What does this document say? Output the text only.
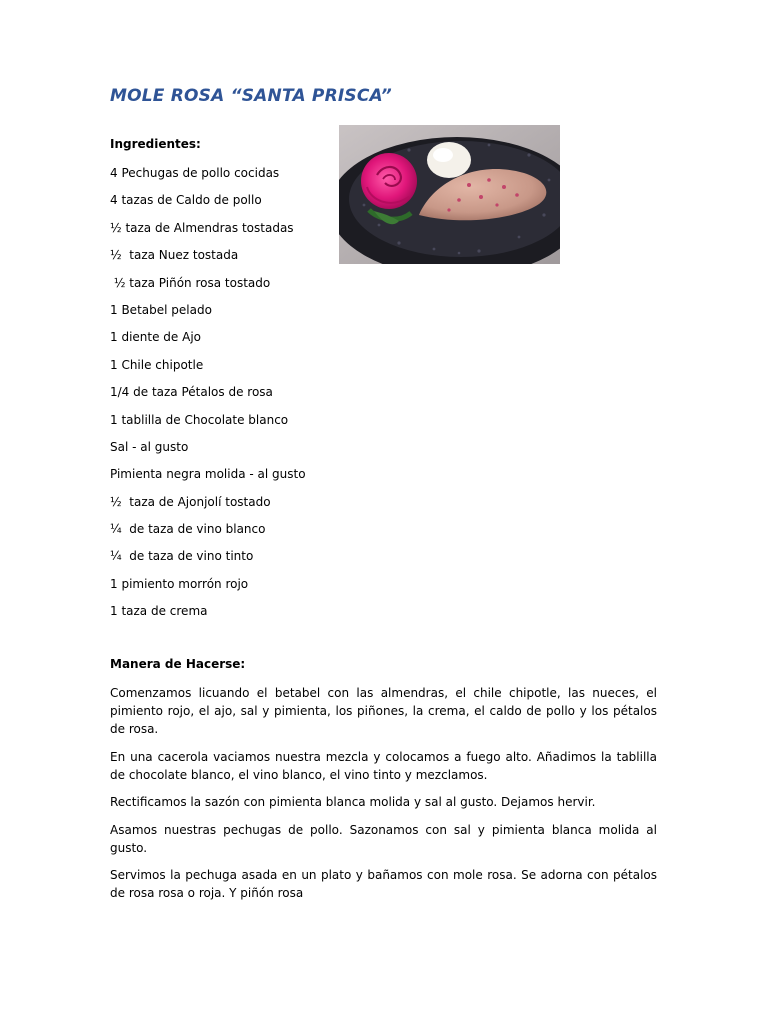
MOLE ROSA “SANTA PRISCA”

Ingredientes:

4 Pechugas de pollo cocidas
4 tazas de Caldo de pollo
½ taza de Almendras tostadas
½  taza Nuez tostada
½ taza Piñón rosa tostado
1 Betabel pelado
1 diente de Ajo
1 Chile chipotle
1/4 de taza Pétalos de rosa
1 tablilla de Chocolate blanco
Sal - al gusto
Pimienta negra molida - al gusto
½  taza de Ajonjolí tostado
¼  de taza de vino blanco
¼  de taza de vino tinto
1 pimiento morrón rojo
1 taza de crema

Manera de Hacerse:

Comenzamos licuando el betabel con las almendras, el chile chipotle, las nueces, el pimiento rojo, el ajo, sal y pimienta, los piñones, la crema, el caldo de pollo y los pétalos de rosa.

En una cacerola vaciamos nuestra mezcla y colocamos a fuego alto. Añadimos la tablilla de chocolate blanco, el vino blanco, el vino tinto y mezclamos.

Rectificamos la sazón con pimienta blanca molida y sal al gusto. Dejamos hervir.

Asamos nuestras pechugas de pollo. Sazonamos con sal y pimienta blanca molida al gusto.

Servimos la pechuga asada en un plato y bañamos con mole rosa. Se adorna con pétalos de rosa rosa o roja. Y piñón rosa
